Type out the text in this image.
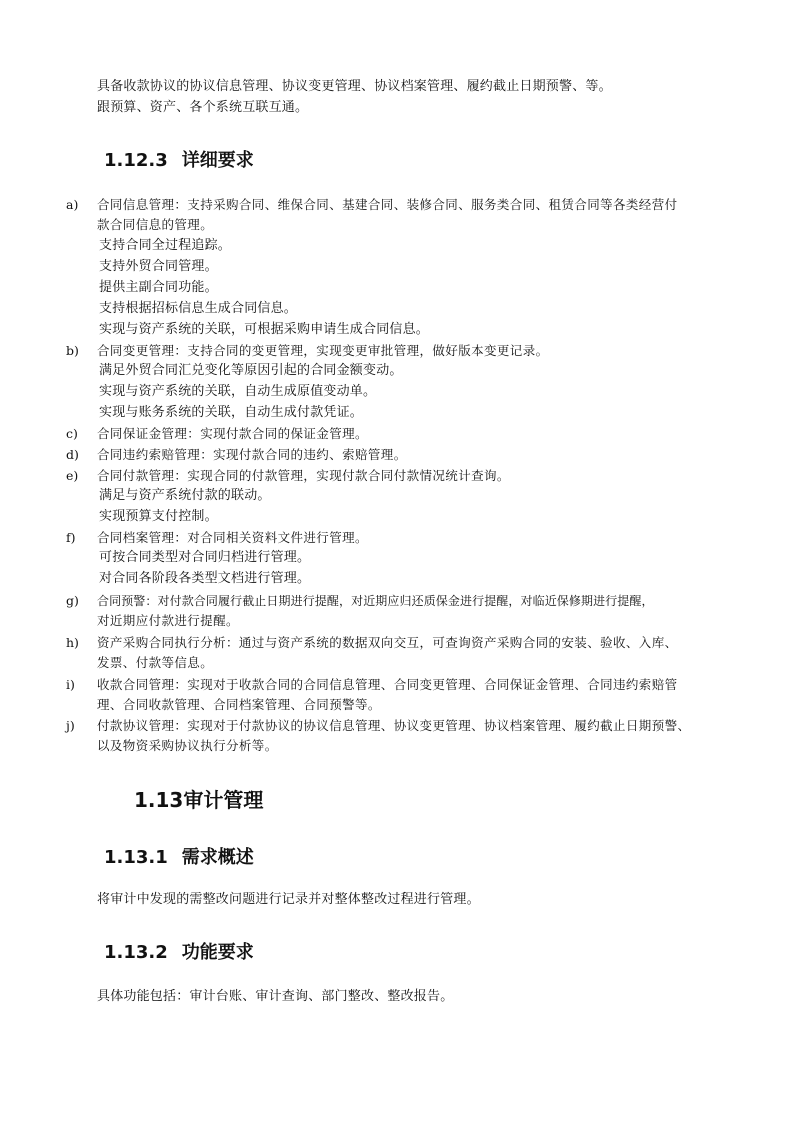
具备收款协议的协议信息管理、协议变更管理、协议档案管理、履约截止日期预警、等。
跟预算、资产、各个系统互联互通。
1.12.3 详细要求
a) 合同信息管理：支持采购合同、维保合同、基建合同、装修合同、服务类合同、租赁合同等各类经营付
款合同信息的管理。
支持合同全过程追踪。
支持外贸合同管理。
提供主副合同功能。
支持根据招标信息生成合同信息。
实现与资产系统的关联，可根据采购申请生成合同信息。
b) 合同变更管理：支持合同的变更管理，实现变更审批管理，做好版本变更记录。
满足外贸合同汇兑变化等原因引起的合同金额变动。
实现与资产系统的关联，自动生成原值变动单。
实现与账务系统的关联，自动生成付款凭证。
c) 合同保证金管理：实现付款合同的保证金管理。
d) 合同违约索赔管理：实现付款合同的违约、索赔管理。
e) 合同付款管理：实现合同的付款管理，实现付款合同付款情况统计查询。
满足与资产系统付款的联动。
实现预算支付控制。
f) 合同档案管理：对合同相关资料文件进行管理。
可按合同类型对合同归档进行管理。
对合同各阶段各类型文档进行管理。
g) 合同预警：对付款合同履行截止日期进行提醒，对近期应归还质保金进行提醒，对临近保修期进行提醒，
对近期应付款进行提醒。
h) 资产采购合同执行分析：通过与资产系统的数据双向交互，可查询资产采购合同的安装、验收、入库、
发票、付款等信息。
i) 收款合同管理：实现对于收款合同的合同信息管理、合同变更管理、合同保证金管理、合同违约索赔管
理、合同收款管理、合同档案管理、合同预警等。
j) 付款协议管理：实现对于付款协议的协议信息管理、协议变更管理、协议档案管理、履约截止日期预警、
以及物资采购协议执行分析等。
1.13审计管理
1.13.1 需求概述
将审计中发现的需整改问题进行记录并对整体整改过程进行管理。
1.13.2 功能要求
具体功能包括：审计台账、审计查询、部门整改、整改报告。
